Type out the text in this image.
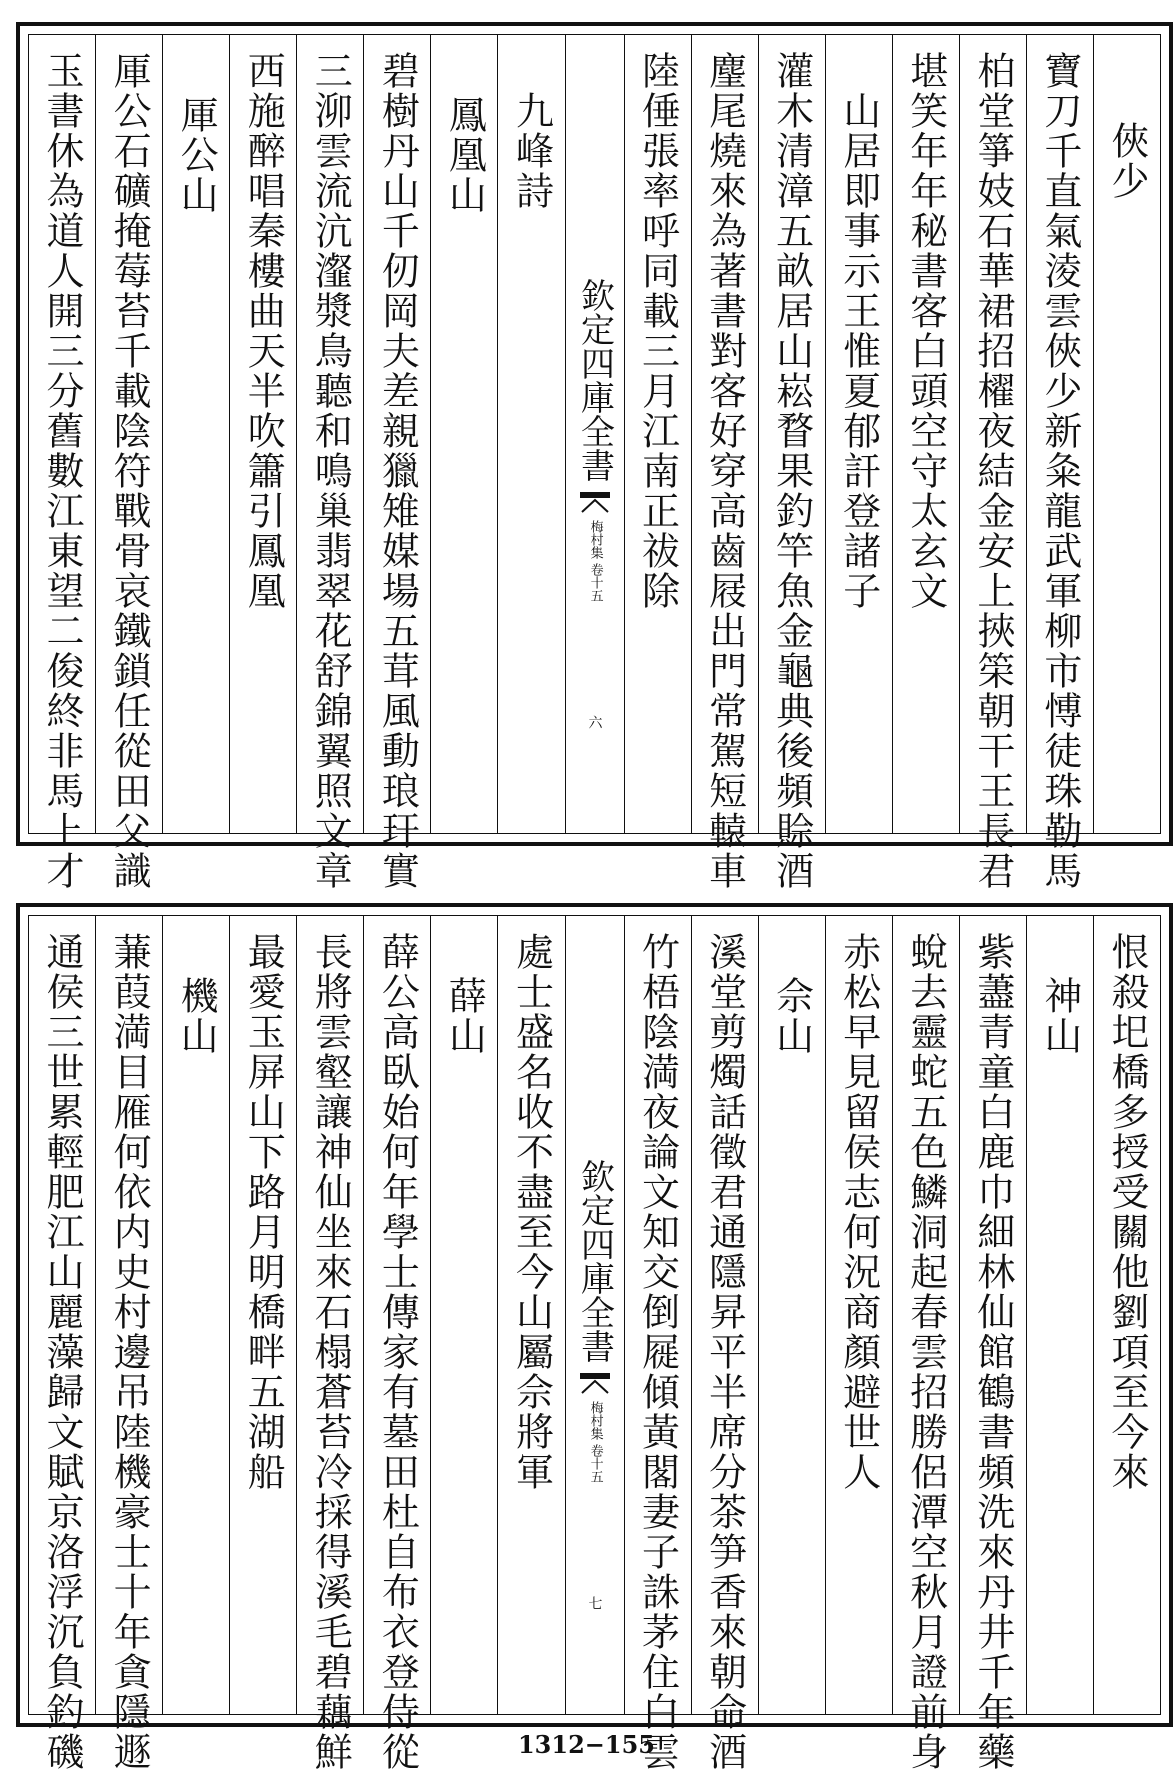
俠少
寶刀千直氣淩雲俠少新粂龍武軍柳市愽徒珠勒馬
柏堂箏妓石華裙招櫂夜結金安上挾筞朝干王長君
堪笑年年秘書客白頭空守太玄文
山居即事示王惟夏郁訐登諸子
灌木清漳五畝居山崧瞀果釣竿魚金龜典後頻賒酒
麈尾燒來為著書對客好穿高齒屐出門常駕短轅車
陸倕張率呼同載三月江南正祓除
欽定四庫全書
梅村集
卷十五
六
九峰詩
鳳凰山
碧樹丹山千仞岡夫差親獵雉媒場五茸風動琅玕實
三泖雲流沆瀣漿鳥聽和鳴巢翡翠花舒錦翼照文章
西施醉唱秦樓曲天半吹簫引鳳凰
厙公山
厙公石礦掩莓苔千載陰符戰骨哀鐵鎖任從田父識
玉書休為道人開三分舊數江東望二俊終非馬上才
恨殺圯橋多授受關他劉項至今來
神山
紫藎青童白鹿巾細林仙館鶴書頻洗來丹井千年藥
蛻去靈蛇五色鱗洞起春雲招勝侶潭空秋月證前身
赤松早見留侯志何況商顏避世人
佘山
溪堂剪燭話徵君通隱昇平半席分茶笋香來朝命酒
竹梧陰満夜論文知交倒屣傾黃閣妻子誅茅住白雲
欽定四庫全書
梅村集
卷十五
七
處士盛名收不盡至今山屬佘將軍
薛山
薛公高臥始何年學士傳家有墓田杜自布衣登侍從
長將雲壑讓神仙坐來石榻蒼苔冷採得溪毛碧藕鮮
最愛玉屏山下路月明橋畔五湖船
機山
蒹葭満目雁何依内史村邊吊陸機豪士十年貪隱遯
通侯三世累輕肥江山麗藻歸文賦京洛浮沉負釣磯	1312−155
